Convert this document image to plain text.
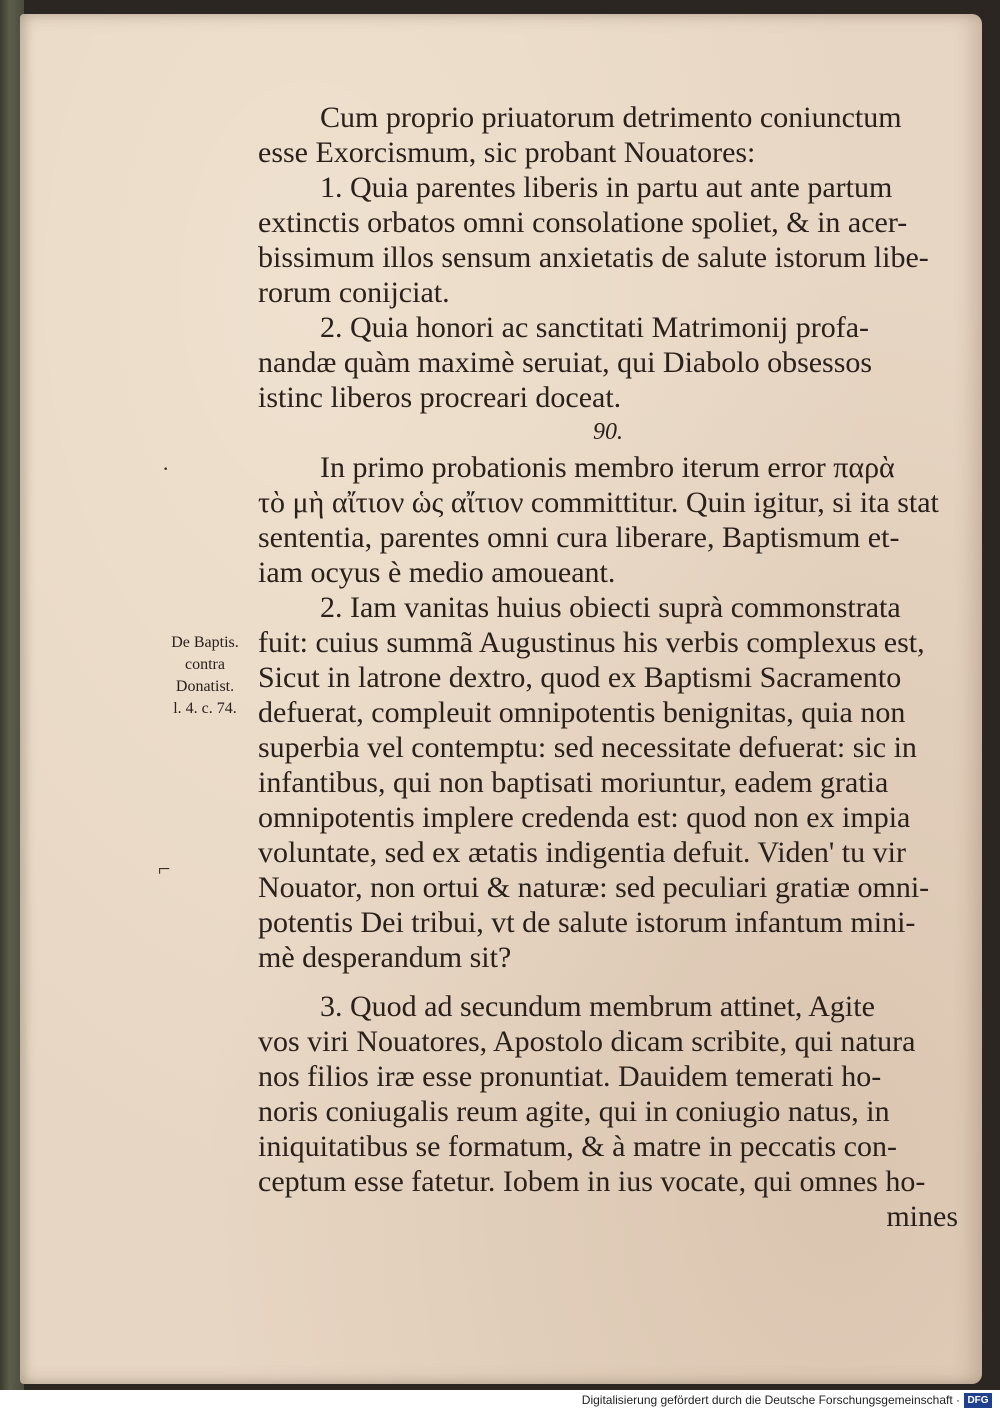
·
⌐
De Baptis.
contra
Donatist.
l. 4. c. 74.
Cum proprio priuatorum detrimento coniunctum
esse Exorcismum, sic probant Nouatores:
1. Quia parentes liberis in partu aut ante partum
extinctis orbatos omni consolatione spoliet, & in acer-
bissimum illos sensum anxietatis de salute istorum libe-
rorum conijciat.
2. Quia honori ac sanctitati Matrimonij profa-
nandæ quàm maximè seruiat, qui Diabolo obsessos
istinc liberos procreari doceat.
90.
In primo probationis membro iterum error παρὰ
τὸ μὴ αἴτιον ὡς αἴτιον committitur. Quin igitur, si ita stat
sententia, parentes omni cura liberare, Baptismum et-
iam ocyus è medio amoueant.
2. Iam vanitas huius obiecti suprà commonstrata
fuit: cuius summã Augustinus his verbis complexus est,
Sicut in latrone dextro, quod ex Baptismi Sacramento
defuerat, compleuit omnipotentis benignitas, quia non
superbia vel contemptu: sed necessitate defuerat: sic in
infantibus, qui non baptisati moriuntur, eadem gratia
omnipotentis implere credenda est: quod non ex impia
voluntate, sed ex ætatis indigentia defuit. Viden' tu vir
Nouator, non ortui & naturæ: sed peculiari gratiæ omni-
potentis Dei tribui, vt de salute istorum infantum mini-
mè desperandum sit?
3. Quod ad secundum membrum attinet, Agite
vos viri Nouatores, Apostolo dicam scribite, qui natura
nos filios iræ esse pronuntiat. Dauidem temerati ho-
noris coniugalis reum agite, qui in coniugio natus, in
iniquitatibus se formatum, & à matre in peccatis con-
ceptum esse fatetur. Iobem in ius vocate, qui omnes ho-
mines
Digitalisierung gefördert durch die Deutsche Forschungsgemeinschaft · DFG
